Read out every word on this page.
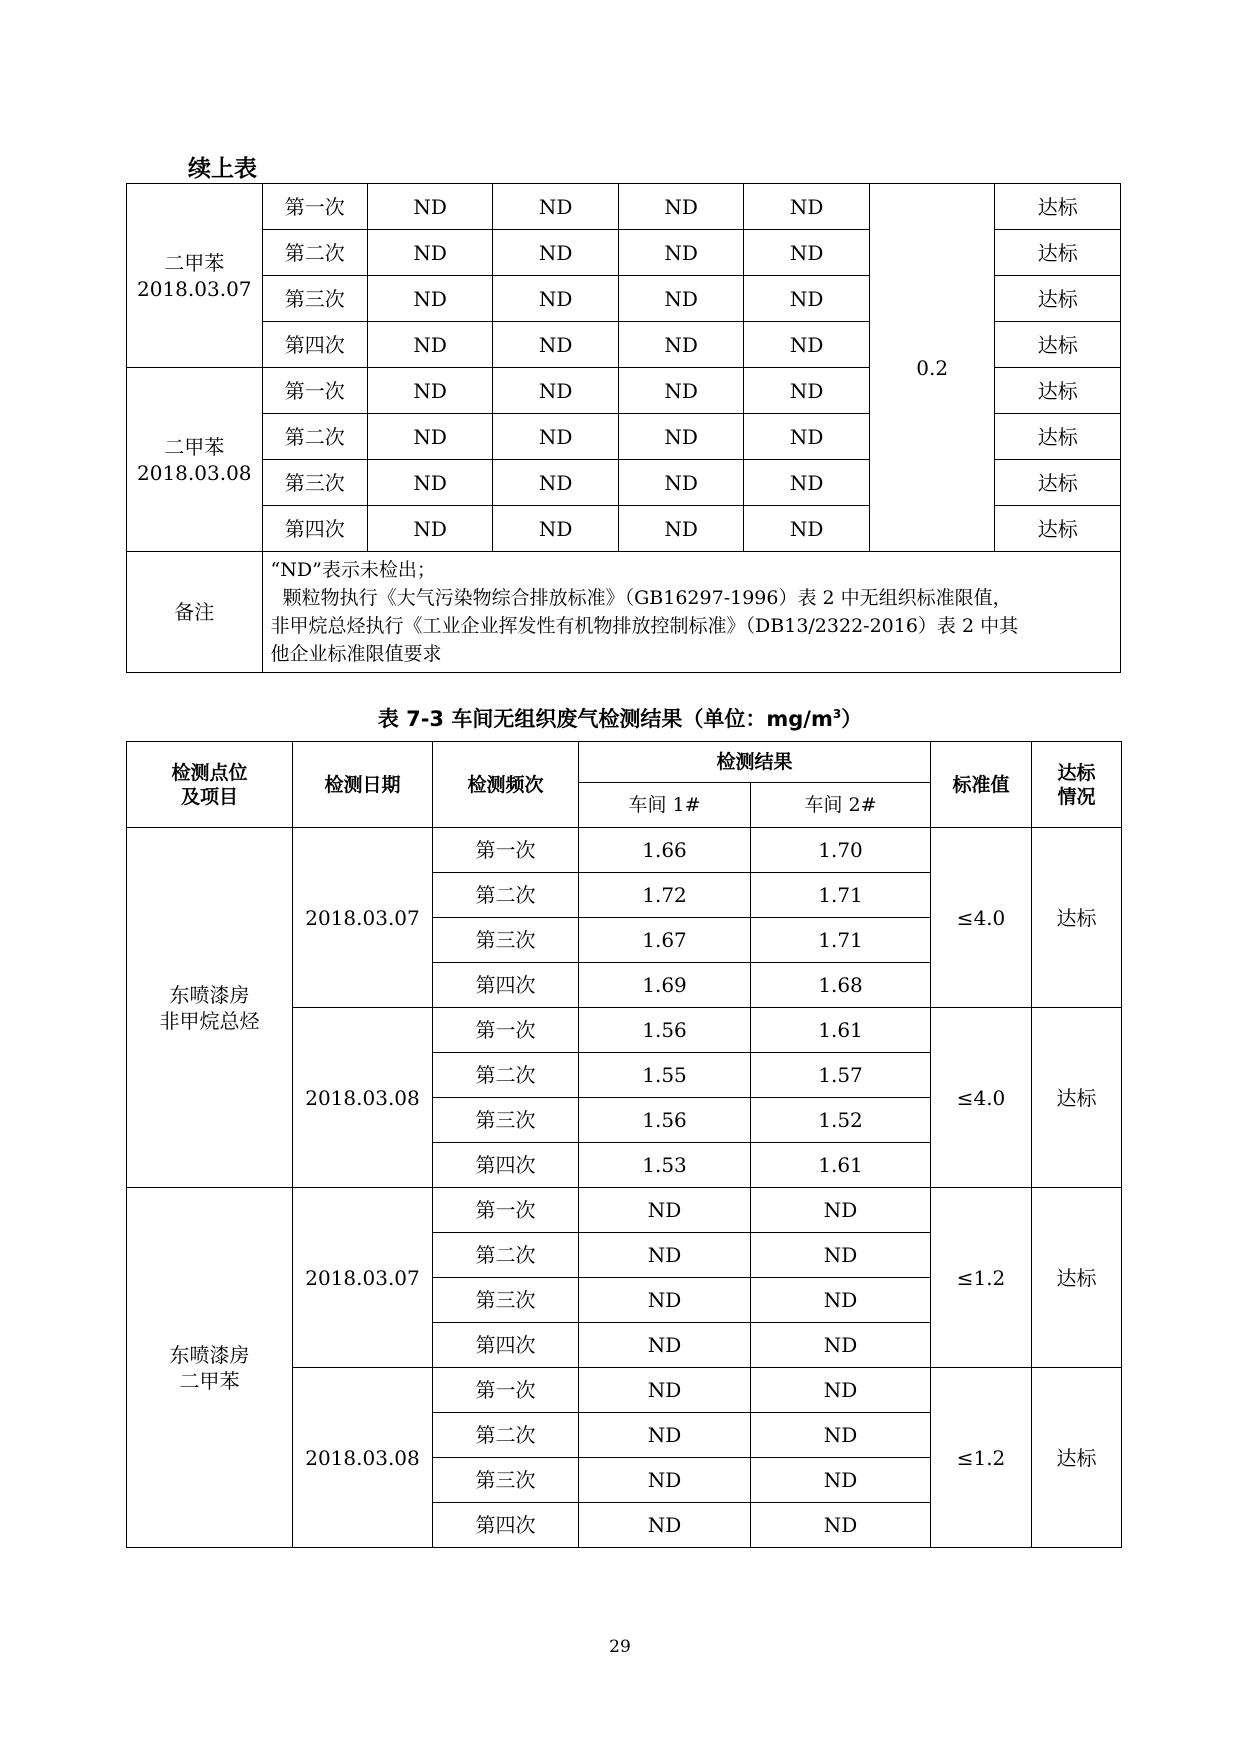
续上表
二甲苯
2018.03.07	第一次	ND	ND	ND	ND	0.2	达标
	第二次	ND	ND	ND	ND		达标
	第三次	ND	ND	ND	ND		达标
	第四次	ND	ND	ND	ND		达标
二甲苯
2018.03.08	第一次	ND	ND	ND	ND		达标
	第二次	ND	ND	ND	ND		达标
	第三次	ND	ND	ND	ND		达标
	第四次	ND	ND	ND	ND		达标
备注	“ND”表示未检出；
颗粒物执行《大气污染物综合排放标准》（GB16297-1996）表 2 中无组织标准限值，
非甲烷总烃执行《工业企业挥发性有机物排放控制标准》（DB13/2322-2016）表 2 中其
他企业标准限值要求						
表 7-3 车间无组织废气检测结果（单位：$mg/m^3$）
检测点位
及项目	检测日期	检测频次	检测结果		标准值	达标
情况
			车间 1#	车间 2#		
东喷漆房
非甲烷总烃	2018.03.07	第一次	1.66	1.70	≤4.0	达标
		第二次	1.72	1.71		
		第三次	1.67	1.71		
		第四次	1.69	1.68		
	2018.03.08	第一次	1.56	1.61	≤4.0	达标
		第二次	1.55	1.57		
		第三次	1.56	1.52		
		第四次	1.53	1.61		
东喷漆房
二甲苯	2018.03.07	第一次	ND	ND	≤1.2	达标
		第二次	ND	ND		
		第三次	ND	ND		
		第四次	ND	ND		
	2018.03.08	第一次	ND	ND	≤1.2	达标
		第二次	ND	ND		
		第三次	ND	ND		
		第四次	ND	ND		
29
